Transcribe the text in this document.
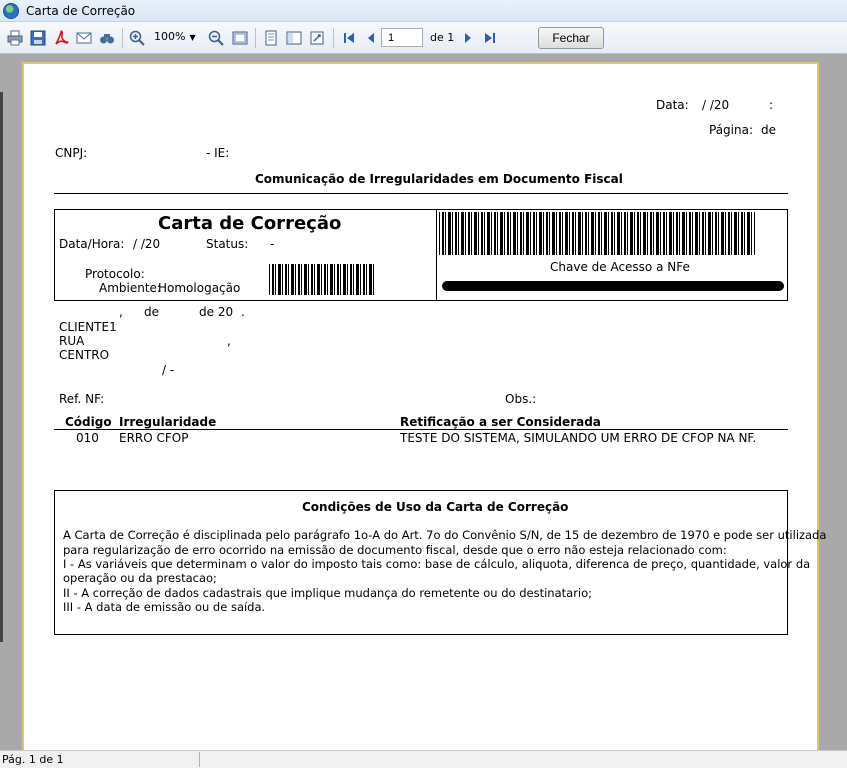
Carta de Correção
100% ▼
1	de 1	Fechar
Data: / /20	:
Página: de
CNPJ:	- IE:
Comunicação de Irregularidades em Documento Fiscal
Carta de Correção
Data/Hora: / /20	Status: -
Protocolo:
Ambiente:
Homologação
Chave de Acesso a NFe
, de	de 20 .
CLIENTE1
RUA	,
CENTRO
/ -
Ref. NF:	Obs.:
Código Irregularidade	Retificação a ser Considerada
010 ERRO CFOP	TESTE DO SISTEMA, SIMULANDO UM ERRO DE CFOP NA NF.
Condições de Uso da Carta de Correção
A Carta de Correção é disciplinada pelo parágrafo 1o-A do Art. 7o do Convênio S/N, de 15 de dezembro de 1970 e pode ser utilizada
para regularização de erro ocorrido na emissão de documento fiscal, desde que o erro não esteja relacionado com:
I - As variáveis que determinam o valor do imposto tais como: base de cálculo, aliquota, diferenca de preço, quantidade, valor da
operação ou da prestacao;
II - A correção de dados cadastrais que implique mudança do remetente ou do destinatario;
III - A data de emissão ou de saída.
Pág. 1 de 1
